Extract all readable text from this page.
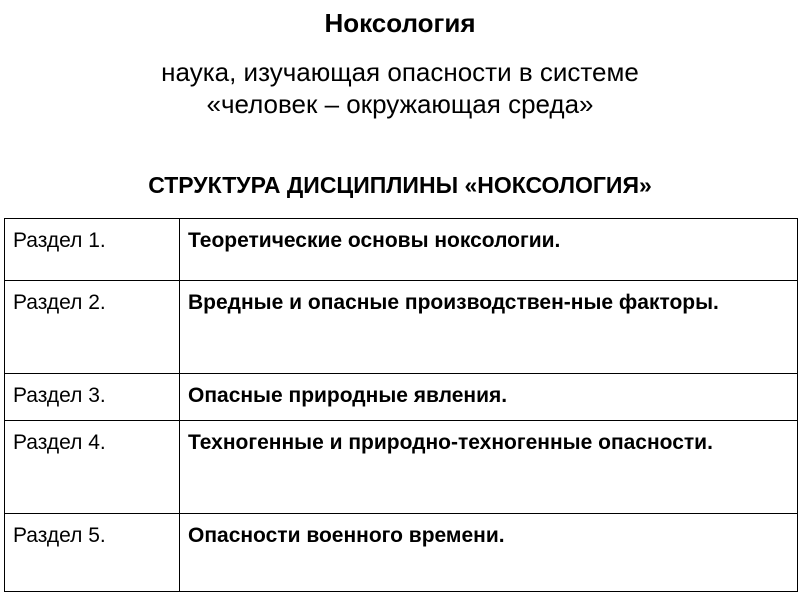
Ноксология
наука, изучающая опасности в системе
«человек – окружающая среда»
СТРУКТУРА ДИСЦИПЛИНЫ «НОКСОЛОГИЯ»
Раздел 1.	Теоретические основы ноксологии.
Раздел 2.	Вредные и опасные производствен-ные факторы.
Раздел 3.	Опасные природные явления.
Раздел 4.	Техногенные и природно-техногенные опасности.
Раздел 5.	Опасности военного времени.
